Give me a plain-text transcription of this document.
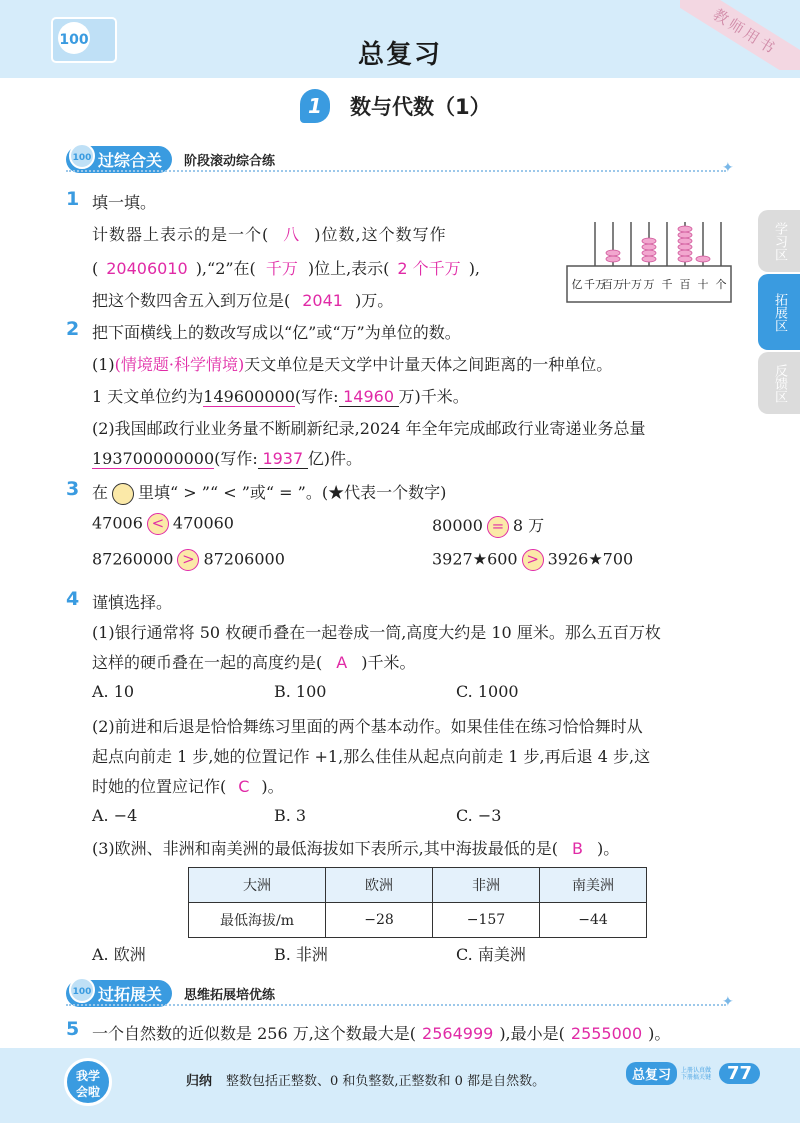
100	总复习	教师用书
1	数与代数（1）
100 过综合关	阶段滚动综合练	✦
学习区
拓展区
反馈区
1 填一填。
计数器上表示的是一个( 八 )位数,这个数写作
( 20406010 ),“2”在( 千万 )位上,表示( 2 个千万 ),
把这个数四舍五入到万位是( 2041 )万。
亿 千万
百万
十万 万 千 百 十 个
2 把下面横线上的数改写成以“亿”或“万”为单位的数。
(1)(情境题·科学情境)天文单位是天文学中计量天体之间距离的一种单位。
1 天文单位约为149600000(写作: 14960 万)千米。
(2)我国邮政行业业务量不断刷新纪录,2024 年全年完成邮政行业寄递业务总量
193700000000(写作: 1937 亿)件。
3 在 里填“ > ”“ < ”或“ = ”。(★代表一个数字)
47006 < 470060	80000 = 8 万
87260000 > 87206000	3927★600 > 3926★700
4 谨慎选择。
(1)银行通常将 50 枚硬币叠在一起卷成一筒,高度大约是 10 厘米。那么五百万枚
这样的硬币叠在一起的高度约是( A )千米。
A. 10	B. 100	C. 1000
(2)前进和后退是恰恰舞练习里面的两个基本动作。如果佳佳在练习恰恰舞时从
起点向前走 1 步,她的位置记作 +1,那么佳佳从起点向前走 1 步,再后退 4 步,这
时她的位置应记作( C )。
A. −4	B. 3	C. −3
(3)欧洲、非洲和南美洲的最低海拔如下表所示,其中海拔最低的是( B )。
大洲	欧洲	非洲	南美洲
最低海拔/m	−28	−157	−44
A. 欧洲	B. 非洲	C. 南美洲
100 过拓展关	思维拓展培优练	✦
5 一个自然数的近似数是 256 万,这个数最大是( 2564999 ),最小是( 2555000 )。
我学
会啦
归纳 整数包括正整数、0 和负整数,正整数和 0 都是自然数。	总复习	上册认真做
下册搞关键 77
